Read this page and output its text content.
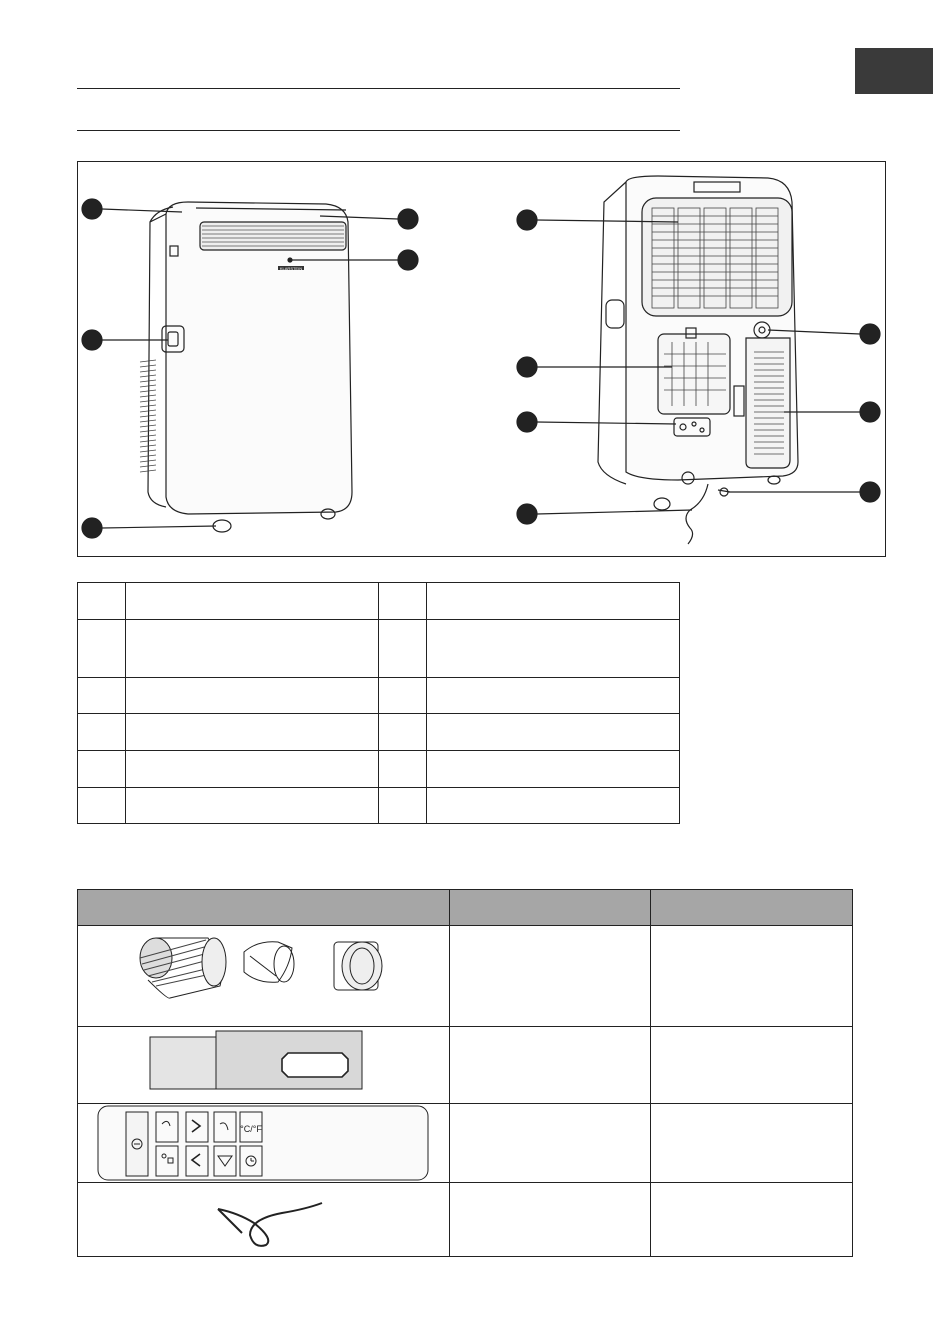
KLARSTEIN

°C/°F		
